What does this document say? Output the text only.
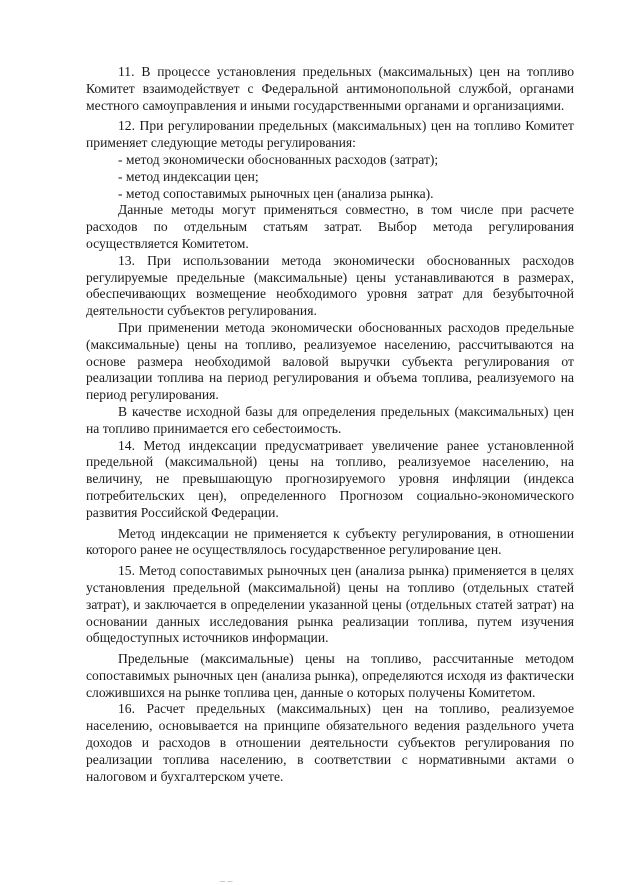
11. В процессе установления предельных (максимальных) цен на топливо Комитет взаимодействует с Федеральной антимонопольной службой, органами местного самоуправления и иными государственными органами и организациями.

12. При регулировании предельных (максимальных) цен на топливо Комитет применяет следующие методы регулирования:

- метод экономически обоснованных расходов (затрат);

- метод индексации цен;

- метод сопоставимых рыночных цен (анализа рынка).

Данные методы могут применяться совместно, в том числе при расчете расходов по отдельным статьям затрат. Выбор метода регулирования осуществляется Комитетом.

13. При использовании метода экономически обоснованных расходов регулируемые предельные (максимальные) цены устанавливаются в размерах, обеспечивающих возмещение необходимого уровня затрат для безубыточной деятельности субъектов регулирования.

При применении метода экономически обоснованных расходов предельные (максимальные) цены на топливо, реализуемое населению, рассчитываются на основе размера необходимой валовой выручки субъекта регулирования от реализации топлива на период регулирования и объема топлива, реализуемого на период регулирования.

В качестве исходной базы для определения предельных (максимальных) цен на топливо принимается его себестоимость.

14. Метод индексации предусматривает увеличение ранее установленной предельной (максимальной) цены на топливо, реализуемое населению, на величину, не превышающую прогнозируемого уровня инфляции (индекса потребительских цен), определенного Прогнозом социально-экономического развития Российской Федерации.

Метод индексации не применяется к субъекту регулирования, в отношении которого ранее не осуществлялось государственное регулирование цен.

15. Метод сопоставимых рыночных цен (анализа рынка) применяется в целях установления предельной (максимальной) цены на топливо (отдельных статей затрат), и заключается в определении указанной цены (отдельных статей затрат) на основании данных исследования рынка реализации топлива, путем изучения общедоступных источников информации.

Предельные (максимальные) цены на топливо, рассчитанные методом сопоставимых рыночных цен (анализа рынка), определяются исходя из фактически сложившихся на рынке топлива цен, данные о которых получены Комитетом.

16. Расчет предельных (максимальных) цен на топливо, реализуемое населению, основывается на принципе обязательного ведения раздельного учета доходов и расходов в отношении деятельности субъектов регулирования по реализации топлива населению, в соответствии с нормативными актами о налоговом и бухгалтерском учете.

‒ ‒
